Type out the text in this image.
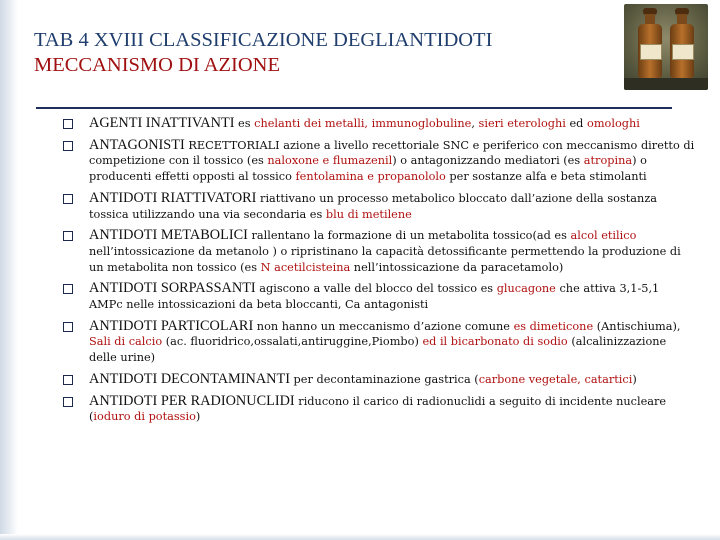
TAB 4 XVIII CLASSIFICAZIONE DEGLIANTIDOTI
MECCANISMO DI AZIONE
AGENTI INATTIVANTI es chelanti dei metalli, immunoglobuline, sieri eterologhi ed omologhi
ANTAGONISTI RECETTORIALI azione a livello recettoriale SNC e periferico con meccanismo diretto di competizione con il tossico (es naloxone e flumazenil) o antagonizzando mediatori (es atropina) o producenti effetti opposti al tossico fentolamina e propanololo per sostanze alfa e beta stimolanti
ANTIDOTI RIATTIVATORI riattivano un processo metabolico bloccato dall’azione della sostanza tossica utilizzando una via secondaria es blu di metilene
ANTIDOTI METABOLICI rallentano la formazione di un metabolita tossico(ad es alcol etilico nell’intossicazione da metanolo ) o ripristinano la capacità detossificante permettendo la produzione di un metabolita non tossico (es N acetilcisteina nell’intossicazione da paracetamolo)
ANTIDOTI SORPASSANTI agiscono a valle del blocco del tossico es glucagone che attiva 3,1-5,1 AMPc nelle intossicazioni da beta bloccanti, Ca antagonisti
ANTIDOTI PARTICOLARI non hanno un meccanismo d’azione comune es dimeticone (Antischiuma), Sali di calcio (ac. fluoridrico,ossalati,antiruggine,Piombo) ed il bicarbonato di sodio (alcalinizzazione delle urine)
ANTIDOTI DECONTAMINANTI per decontaminazione gastrica (carbone vegetale, catartici)
ANTIDOTI PER RADIONUCLIDI riducono il carico di radionuclidi a seguito di incidente nucleare (ioduro di potassio)
